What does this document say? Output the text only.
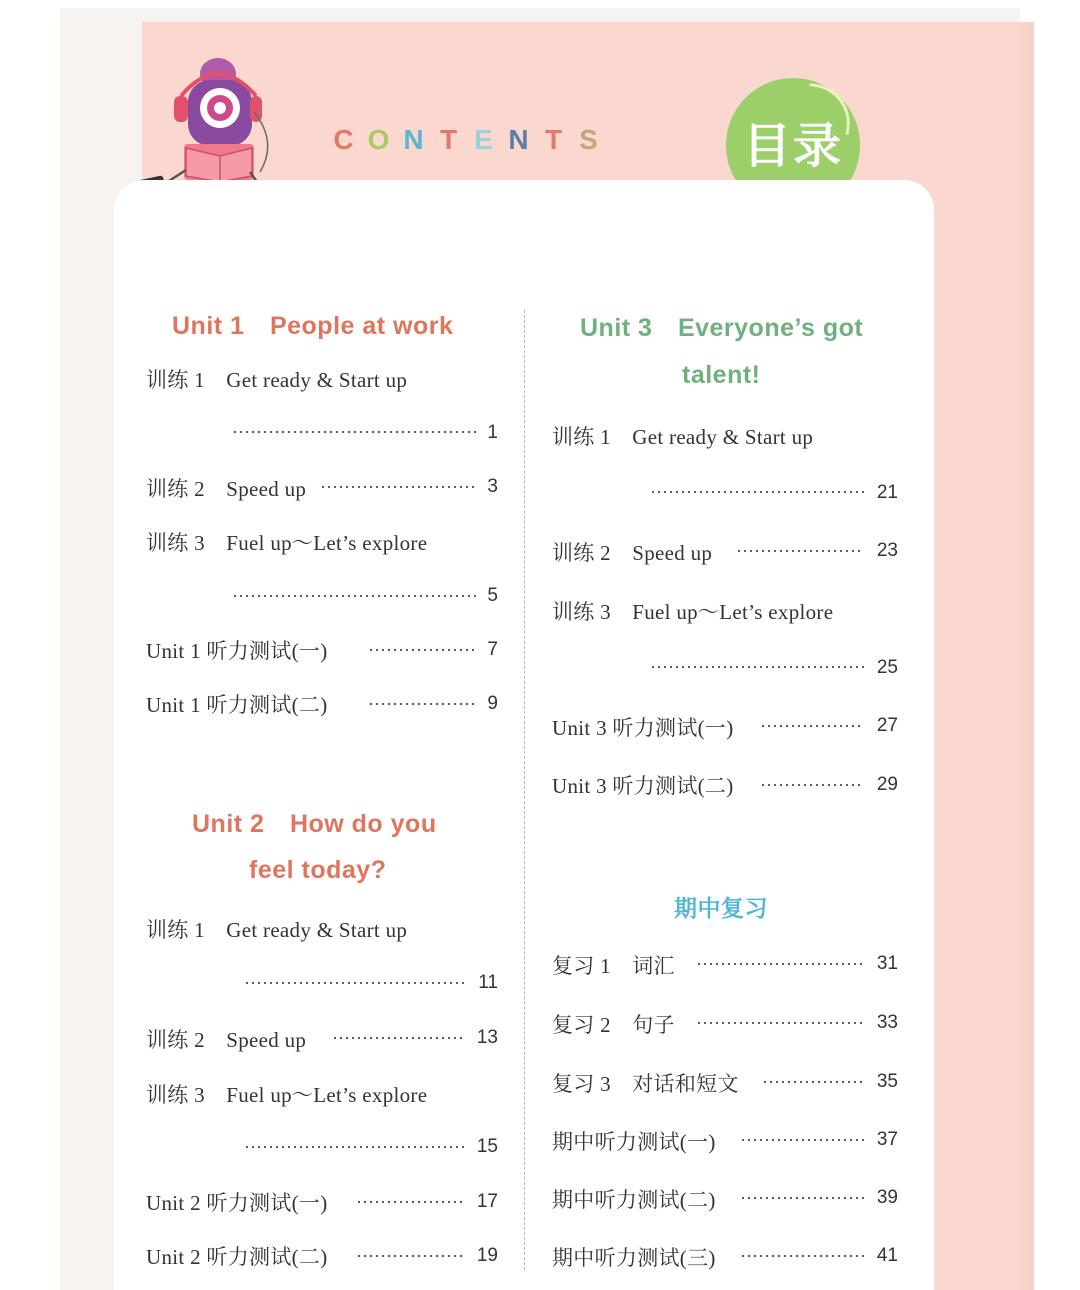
C O N T E N T S	目录
Unit 1　People at work
训练 1　Get ready & Start up
1
训练 2　Speed up	3
训练 3　Fuel up～Let’s explore
5
Unit 1 听力测试(一)	7
Unit 1 听力测试(二)	9
Unit 2　How do you
feel today?
训练 1　Get ready & Start up
11
训练 2　Speed up	13
训练 3　Fuel up～Let’s explore
15
Unit 2 听力测试(一)	17
Unit 2 听力测试(二)	19
Unit 3　Everyone’s got
talent!
训练 1　Get ready & Start up
21
训练 2　Speed up	23
训练 3　Fuel up～Let’s explore
25
Unit 3 听力测试(一)	27
Unit 3 听力测试(二)	29
期中复习
复习 1　词汇	31
复习 2　句子	33
复习 3　对话和短文	35
期中听力测试(一)	37
期中听力测试(二)	39
期中听力测试(三)	41
